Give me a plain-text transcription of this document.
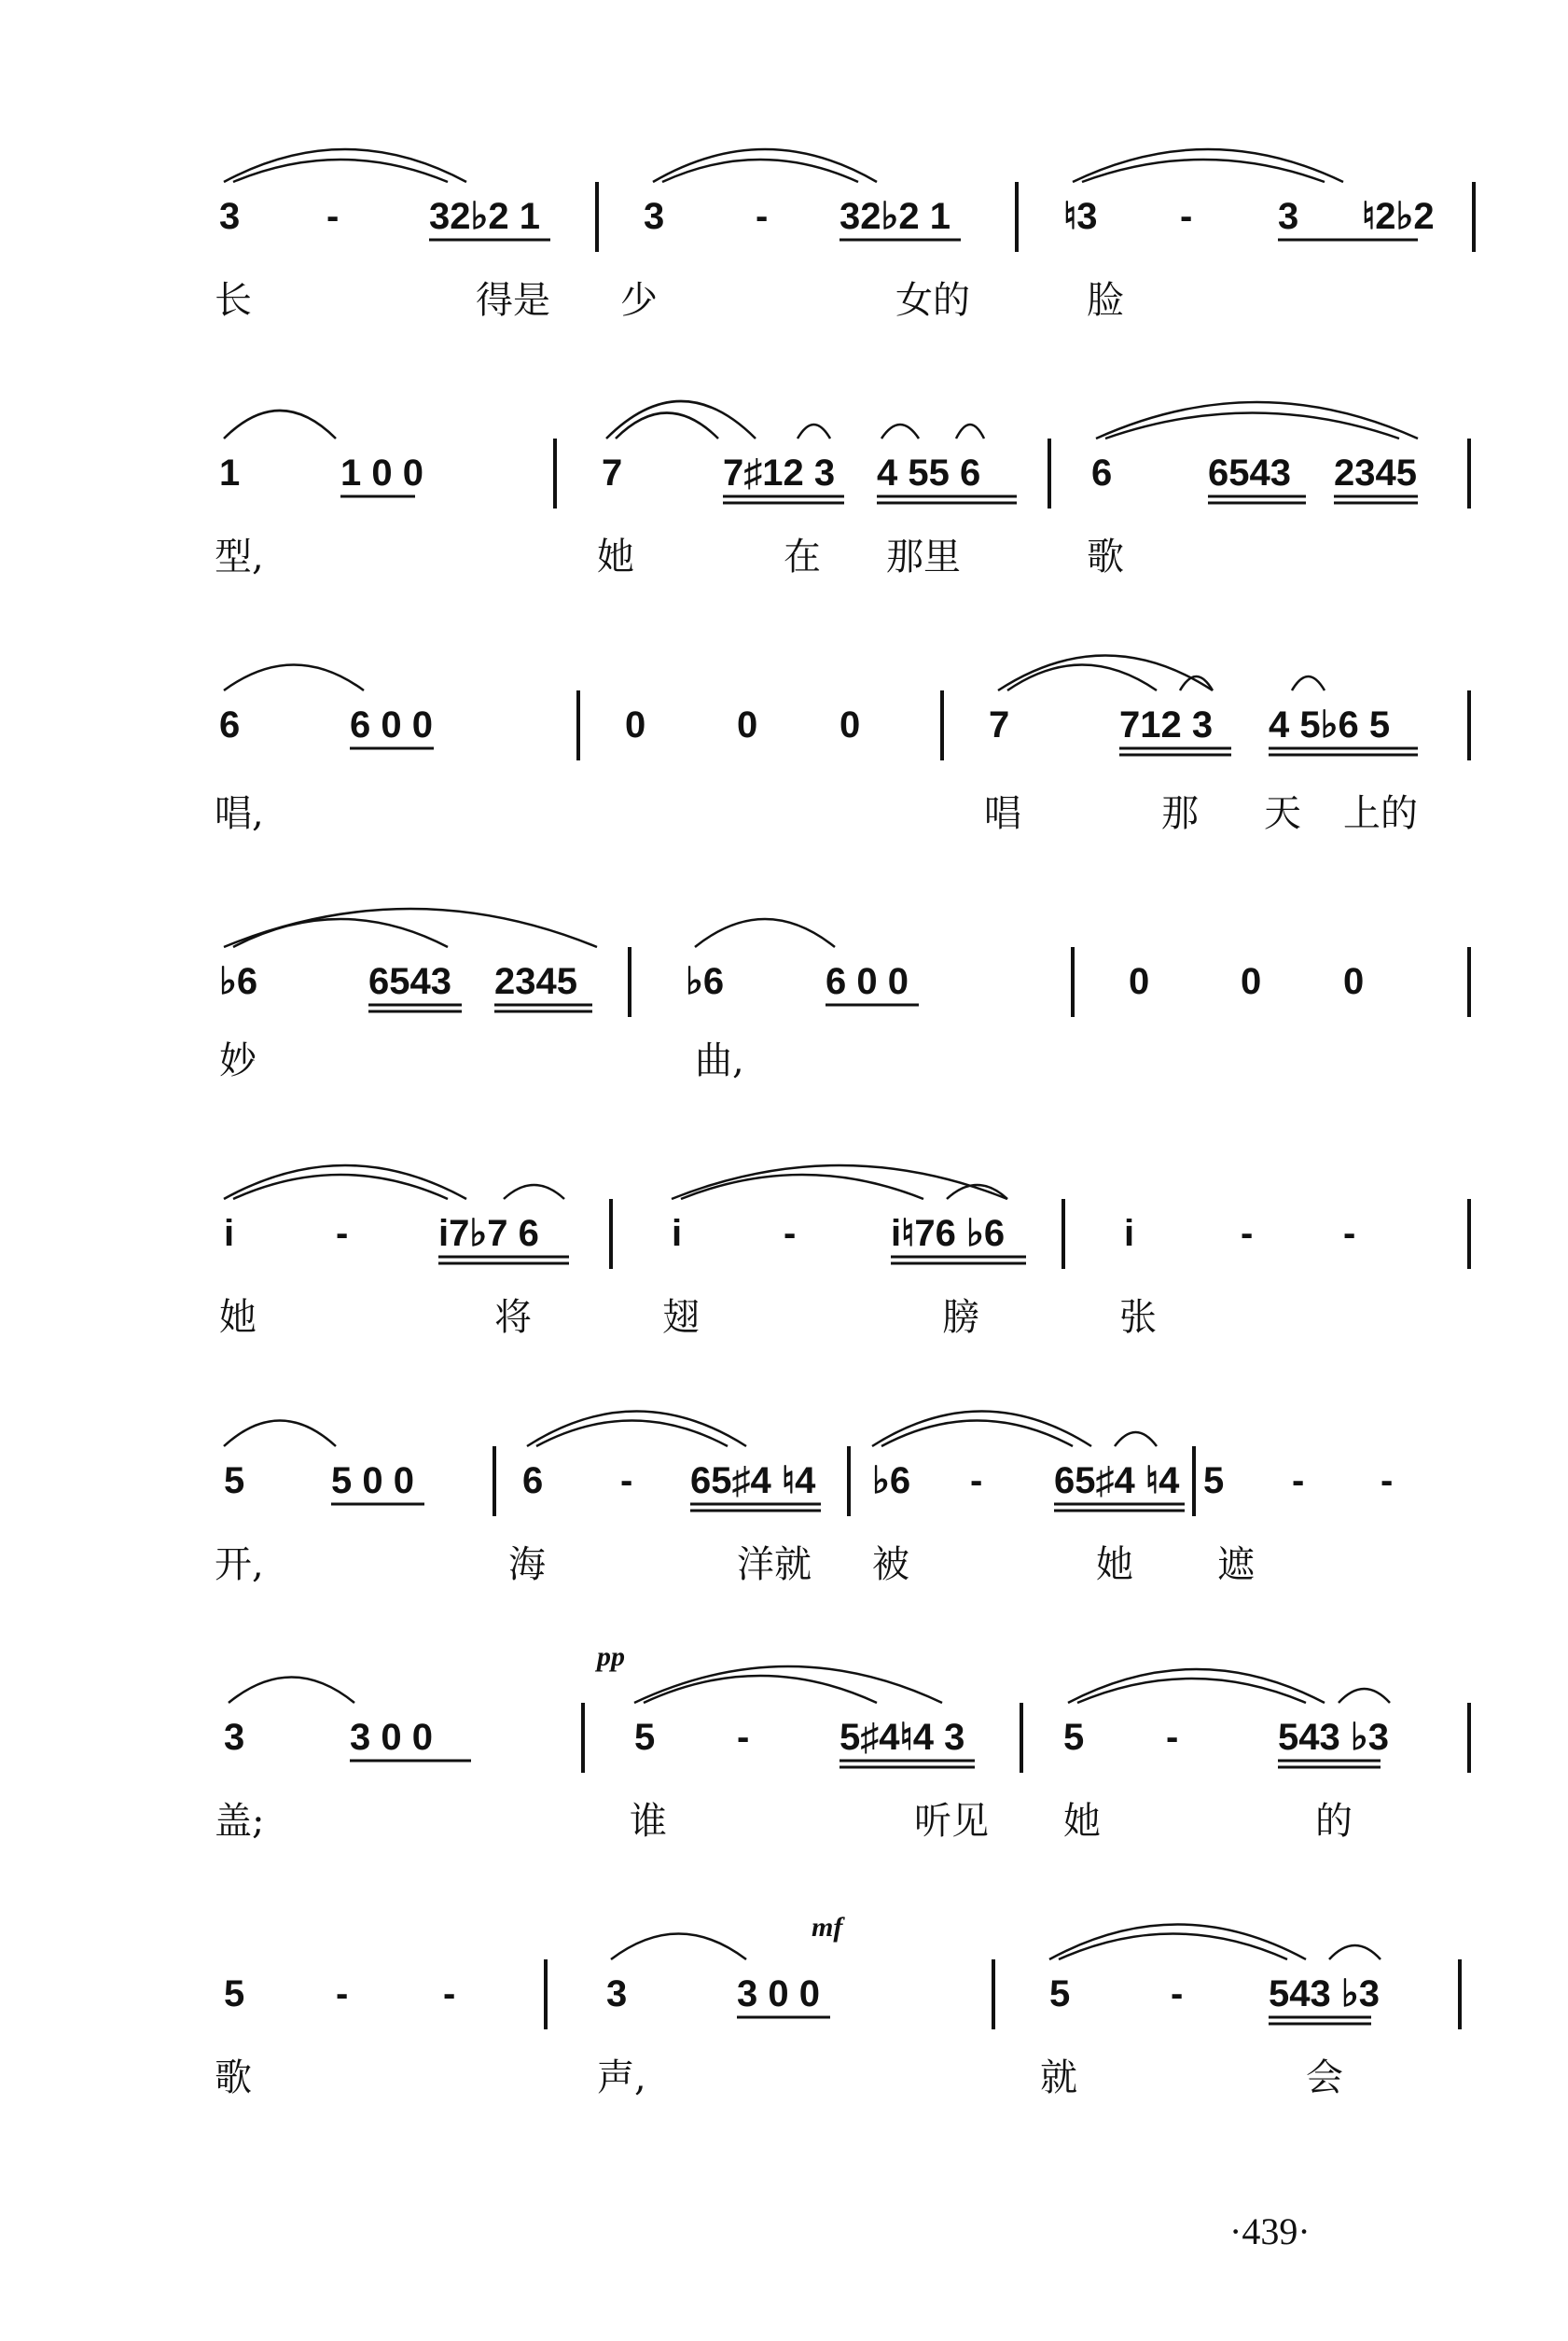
3 - 32♭2 1	3 - 32♭2 1	♮3 - 3 ♮2♭2
长	得是 少	女的	脸
1	1 0 0	7	7♯12 3 4 55 6	6	6543 2345
型,	她	在 那里	歌
6	6 0 0	0 0 0	7	712 3 4 5♭6 5
唱,	唱	那 天 上的
♭6	6543 2345	♭6	6 0 0	0 0 0
妙	曲,
i	- i7♭7 6	i	-	i♮76 ♭6	i	- -
她	将	翅	膀	张
5 5 0 0	6 - 65♯4 ♮4 ♭6 - 65♯4 ♮4 5 - -
开,	海	洋就 被	她 遮
3	3 0 0	5 - 5♯4♮4 3	5 -	543 ♭3
盖;	谁	听见 她	的
5 -	-	3	3 0 0	5	- 543 ♭3
歌	声,	就	会
pp
mf
·439·
